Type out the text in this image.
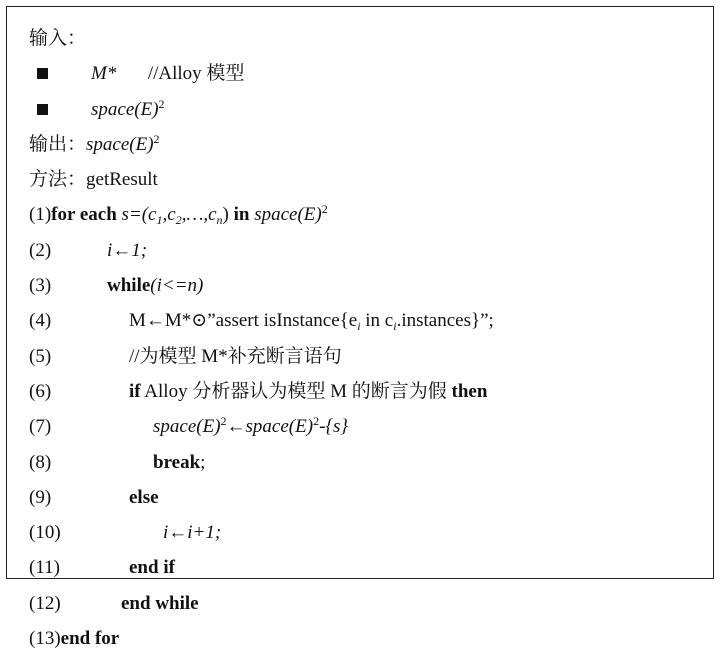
输入：
M* //Alloy 模型
$space(E)^2$
输出：$space(E)^2$
方法：getResult
(1)for each $s=(c_1,c_2,\dots,c_n)$ in $space(E)^2$
(2)	i←1;
(3)	while(i<=n)
(4)	M←M*⊙”assert $isInstance\{e_i$ in $c_i.instances$}”;
(5)	//为模型 M*补充断言语句
(6)	if Alloy 分析器认为模型 M 的断言为假 then
(7)	$space(E)^2\leftarrow space(E)^2-\{s\}$
(8)	break;
(9)	else
(10)	i←i+1;
(11)	end if
(12)	end while
(13)end for
